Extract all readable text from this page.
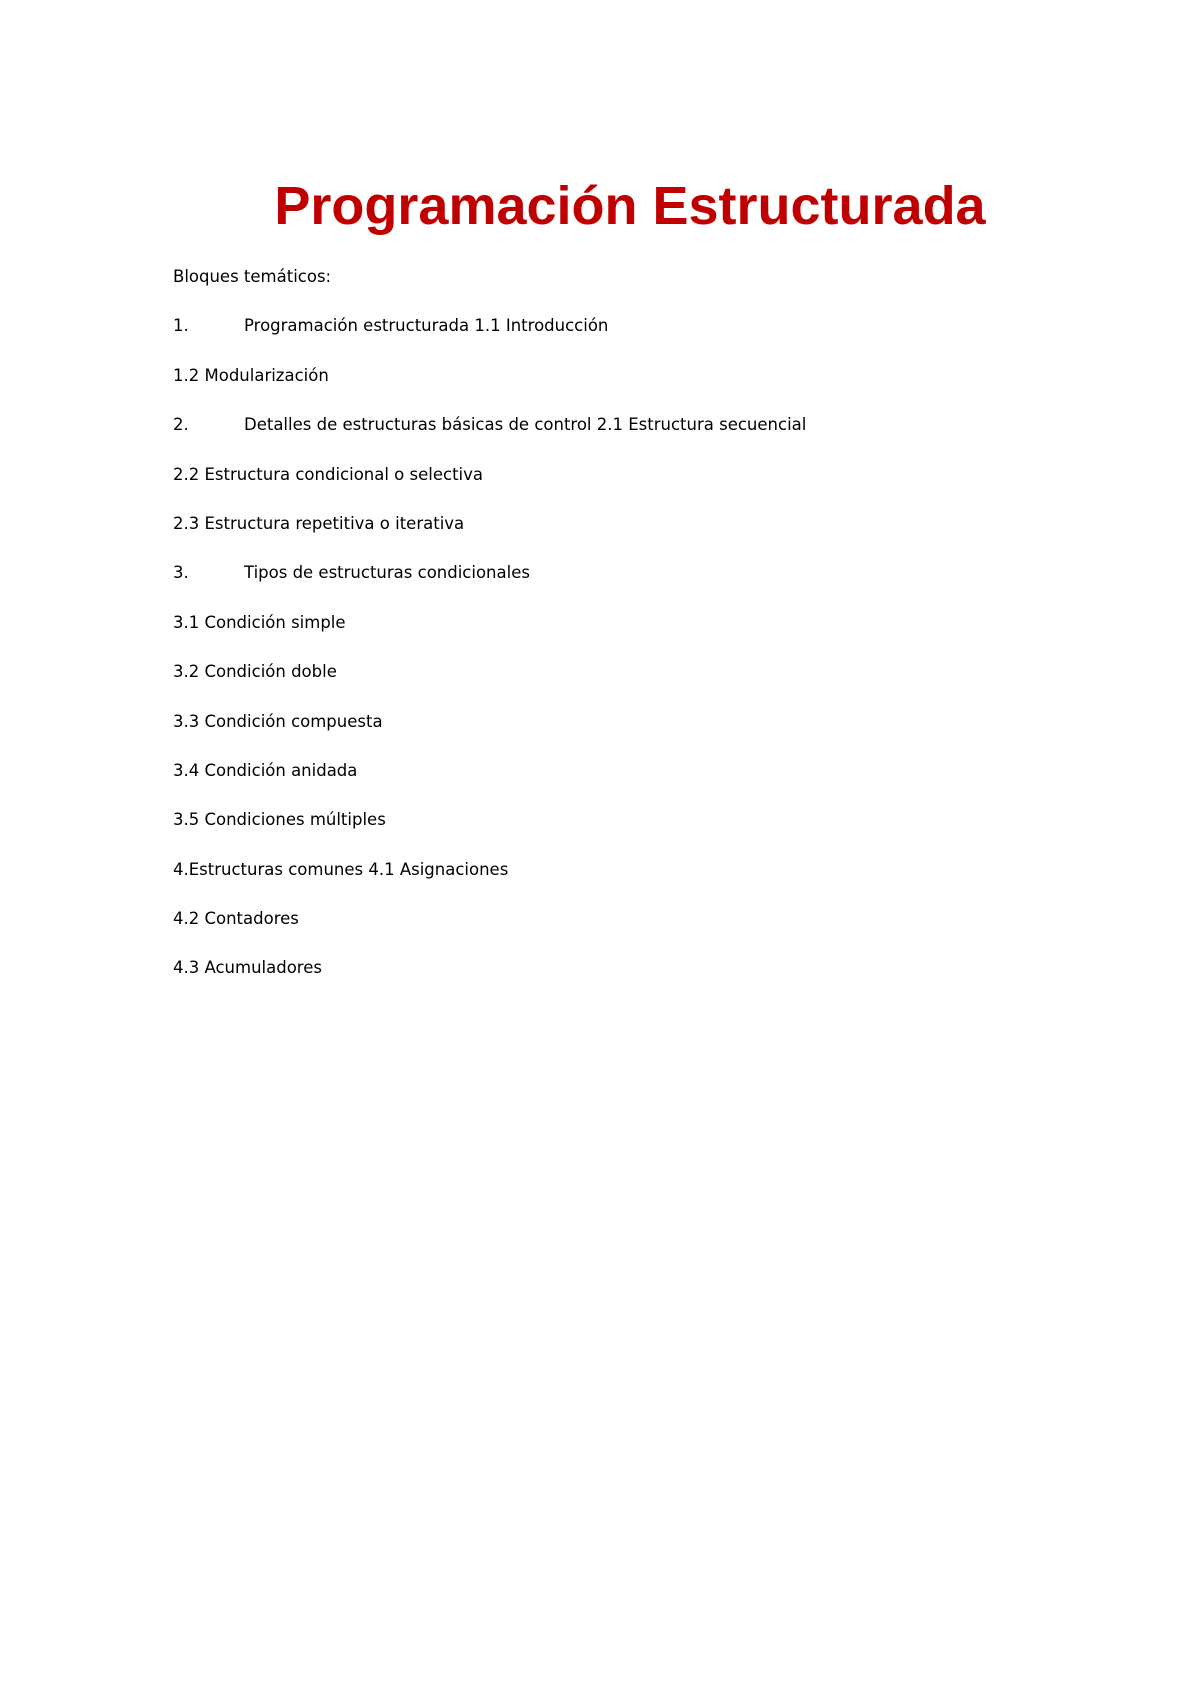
Programación Estructurada
Bloques temáticos:
1.	Programación estructurada 1.1 Introducción
1.2 Modularización
2.	Detalles de estructuras básicas de control 2.1 Estructura secuencial
2.2 Estructura condicional o selectiva
2.3 Estructura repetitiva o iterativa
3.	Tipos de estructuras condicionales
3.1 Condición simple
3.2 Condición doble
3.3 Condición compuesta
3.4 Condición anidada
3.5 Condiciones múltiples
4.Estructuras comunes 4.1 Asignaciones
4.2 Contadores
4.3 Acumuladores
